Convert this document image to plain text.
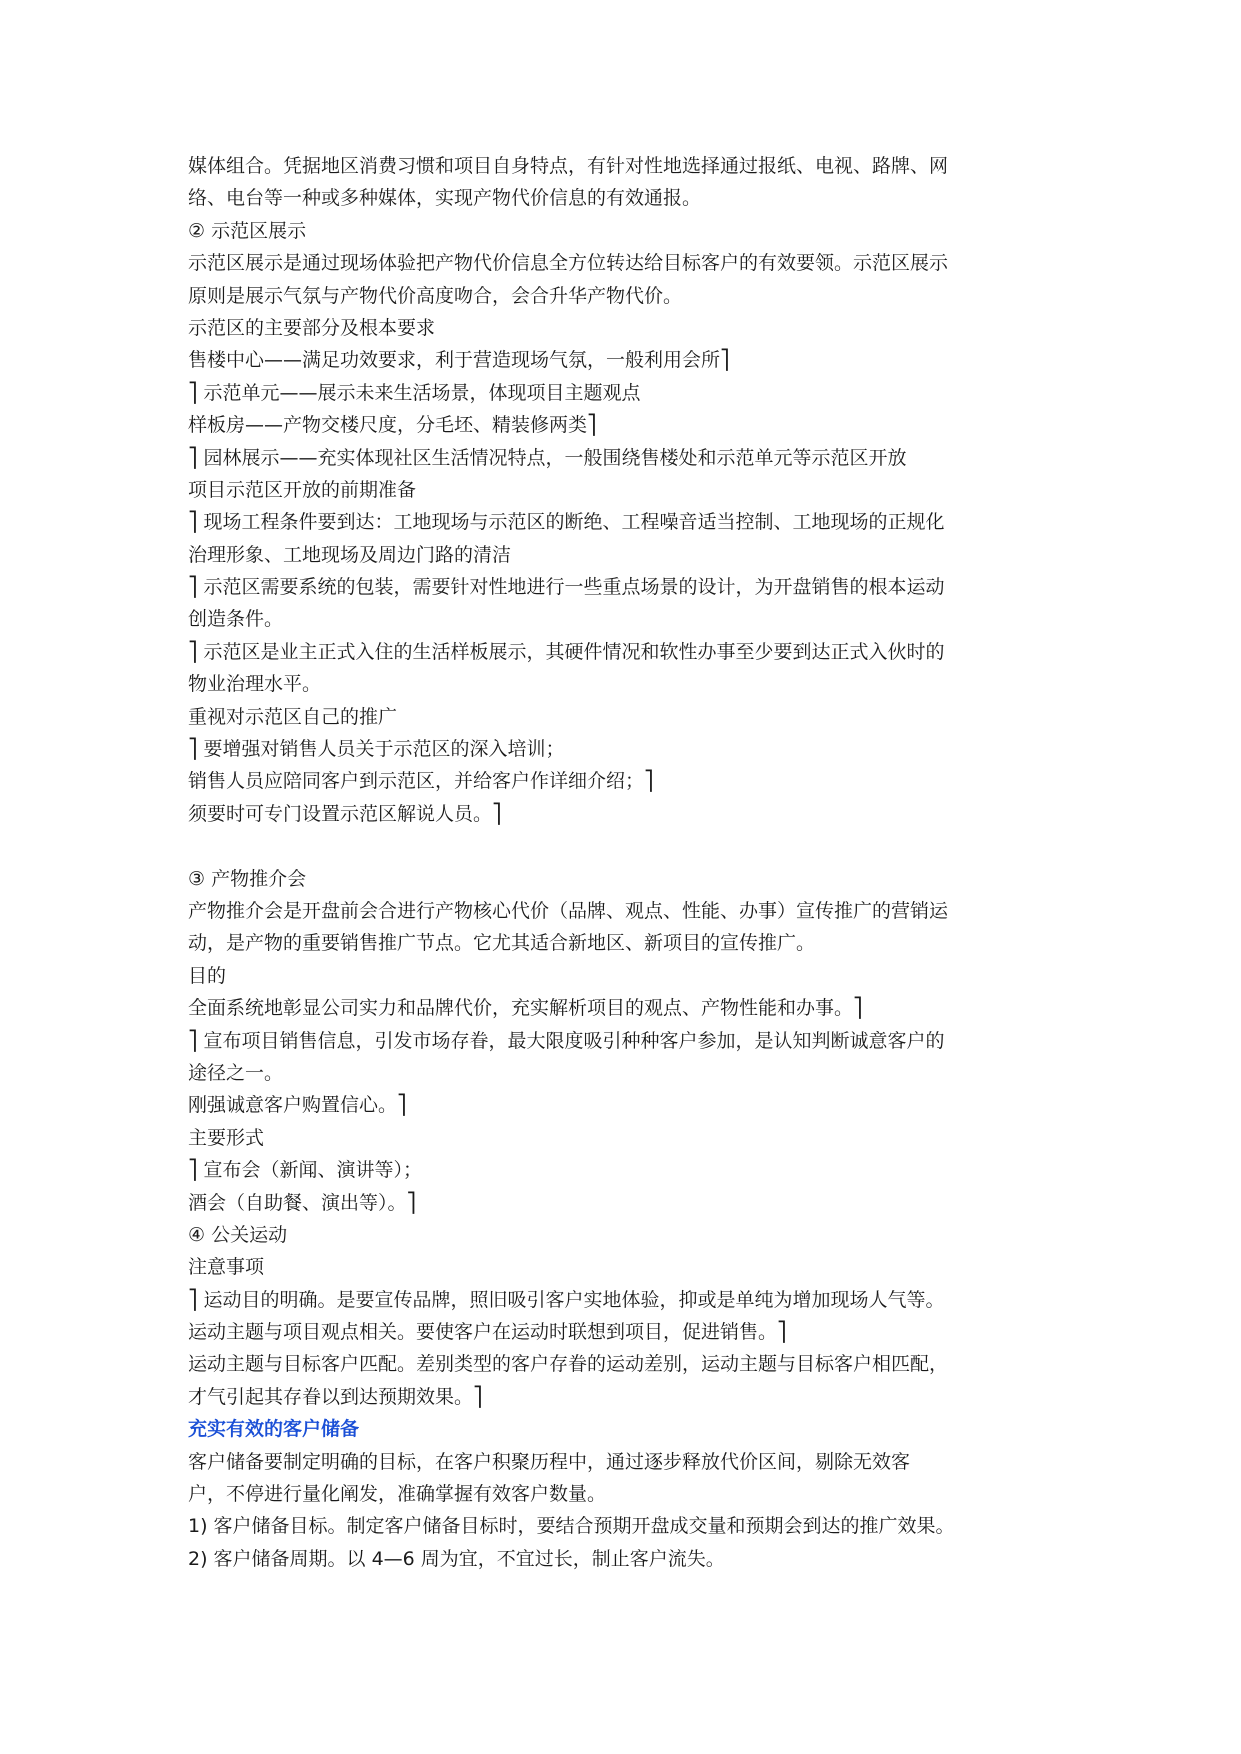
媒体组合。凭据地区消费习惯和项目自身特点，有针对性地选择通过报纸、电视、路牌、网
络、电台等一种或多种媒体，实现产物代价信息的有效通报。
② 示范区展示
示范区展示是通过现场体验把产物代价信息全方位转达给目标客户的有效要领。示范区展示
原则是展示气氛与产物代价高度吻合，会合升华产物代价。
示范区的主要部分及根本要求
售楼中心——满足功效要求，利于营造现场气氛，一般利用会所⎤
⎤ 示范单元——展示未来生活场景，体现项目主题观点
样板房——产物交楼尺度，分毛坯、精装修两类⎤
⎤ 园林展示——充实体现社区生活情况特点，一般围绕售楼处和示范单元等示范区开放
项目示范区开放的前期准备
⎤ 现场工程条件要到达：工地现场与示范区的断绝、工程噪音适当控制、工地现场的正规化
治理形象、工地现场及周边门路的清洁
⎤ 示范区需要系统的包装，需要针对性地进行一些重点场景的设计，为开盘销售的根本运动
创造条件。
⎤ 示范区是业主正式入住的生活样板展示，其硬件情况和软性办事至少要到达正式入伙时的
物业治理水平。
重视对示范区自己的推广
⎤ 要增强对销售人员关于示范区的深入培训；
销售人员应陪同客户到示范区，并给客户作详细介绍；⎤
须要时可专门设置示范区解说人员。⎤
③ 产物推介会
产物推介会是开盘前会合进行产物核心代价（品牌、观点、性能、办事）宣传推广的营销运
动，是产物的重要销售推广节点。它尤其适合新地区、新项目的宣传推广。
目的
全面系统地彰显公司实力和品牌代价，充实解析项目的观点、产物性能和办事。⎤
⎤ 宣布项目销售信息，引发市场存眷，最大限度吸引种种客户参加，是认知判断诚意客户的
途径之一。
刚强诚意客户购置信心。⎤
主要形式
⎤ 宣布会（新闻、演讲等）；
酒会（自助餐、演出等）。⎤
④ 公关运动
注意事项
⎤ 运动目的明确。是要宣传品牌，照旧吸引客户实地体验，抑或是单纯为增加现场人气等。
运动主题与项目观点相关。要使客户在运动时联想到项目，促进销售。⎤
运动主题与目标客户匹配。差别类型的客户存眷的运动差别，运动主题与目标客户相匹配，
才气引起其存眷以到达预期效果。⎤
充实有效的客户储备
客户储备要制定明确的目标，在客户积聚历程中，通过逐步释放代价区间，剔除无效客
户，不停进行量化阐发，准确掌握有效客户数量。
1) 客户储备目标。制定客户储备目标时，要结合预期开盘成交量和预期会到达的推广效果。
2) 客户储备周期。以 4—6 周为宜，不宜过长，制止客户流失。
